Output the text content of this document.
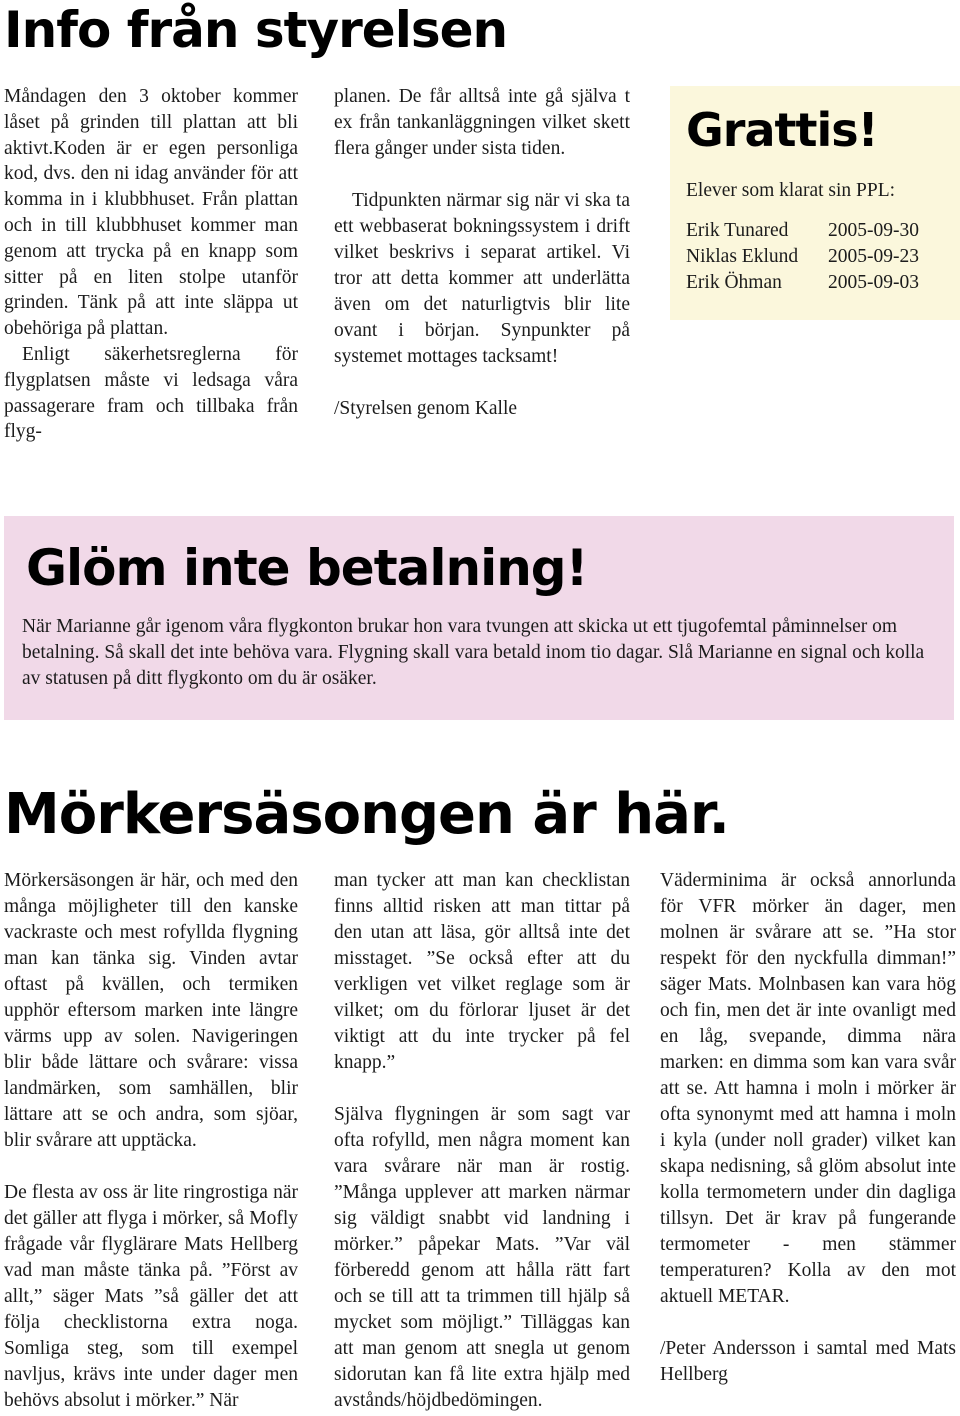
Info från styrelsen

Måndagen den 3 oktober kommer låset på grinden till plattan att bli aktivt.Koden är er egen personliga kod, dvs. den ni idag använder för att komma in i klubbhuset. Från plattan och in till klubbhuset kommer man genom att trycka på en knapp som sitter på en liten stolpe utanför grinden. Tänk på att inte släppa ut obehöriga på plattan.

Enligt säkerhetsreglerna för flygplatsen måste vi ledsaga våra passagerare fram och tillbaka från flyg-

planen. De får alltså inte gå själva t ex från tankanläggningen vilket skett flera gånger under sista tiden.

Tidpunkten närmar sig när vi ska ta ett webbaserat bokningssystem i drift vilket beskrivs i separat artikel. Vi tror att detta kommer att underlätta även om det naturligtvis blir lite ovant i början. Synpunkter på systemet mottages tacksamt!

/Styrelsen genom Kalle

Grattis!
Elever som klarat sin PPL:
Erik Tunared	2005-09-30
Niklas Eklund	2005-09-23
Erik Öhman	2005-09-03
Glöm inte betalning!
När Marianne går igenom våra flygkonton brukar hon vara tvungen att skicka ut ett tjugofemtal påminnelser om betalning. Så skall det inte behöva vara. Flygning skall vara betald inom tio dagar. Slå Marianne en signal och kolla av statusen på ditt flygkonto om du är osäker.
Mörkersäsongen är här.

Mörkersäsongen är här, och med den många möjligheter till den kanske vackraste och mest rofyllda flygning man kan tänka sig. Vinden avtar oftast på kvällen, och termiken upphör eftersom marken inte längre värms upp av solen. Navigeringen blir både lättare och svårare: vissa landmärken, som samhällen, blir lättare att se och andra, som sjöar, blir svårare att upptäcka.

De flesta av oss är lite ringrostiga när det gäller att flyga i mörker, så Mofly frågade vår flyglärare Mats Hellberg vad man måste tänka på. ”Först av allt,” säger Mats ”så gäller det att följa checklistorna extra noga. Somliga steg, som till exempel navljus, krävs inte under dager men behövs absolut i mörker.” När

man tycker att man kan checklistan finns alltid risken att man tittar på den utan att läsa, gör alltså inte det misstaget. ”Se också efter att du verkligen vet vilket reglage som är vilket; om du förlorar ljuset är det viktigt att du inte trycker på fel knapp.”

Själva flygningen är som sagt var ofta rofylld, men några moment kan vara svårare när man är rostig. ”Många upplever att marken närmar sig väldigt snabbt vid landning i mörker.” påpekar Mats. ”Var väl förberedd genom att hålla rätt fart och se till att ta trimmen till hjälp så mycket som möjligt.” Tilläggas kan att man genom att snegla ut genom sidorutan kan få lite extra hjälp med avstånds/höjdbedömingen.

Väderminima är också annorlunda för VFR mörker än dager, men molnen är svårare att se. ”Ha stor respekt för den nyckfulla dimman!” säger Mats. Molnbasen kan vara hög och fin, men det är inte ovanligt med en låg, svepande, dimma nära marken: en dimma som kan vara svår att se. Att hamna i moln i mörker är ofta synonymt med att hamna i moln i kyla (under noll grader) vilket kan skapa nedisning, så glöm absolut inte kolla termometern under din dagliga tillsyn. Det är krav på fungerande termometer - men stämmer temperaturen? Kolla av den mot aktuell METAR.

/Peter Andersson i samtal med Mats Hellberg
